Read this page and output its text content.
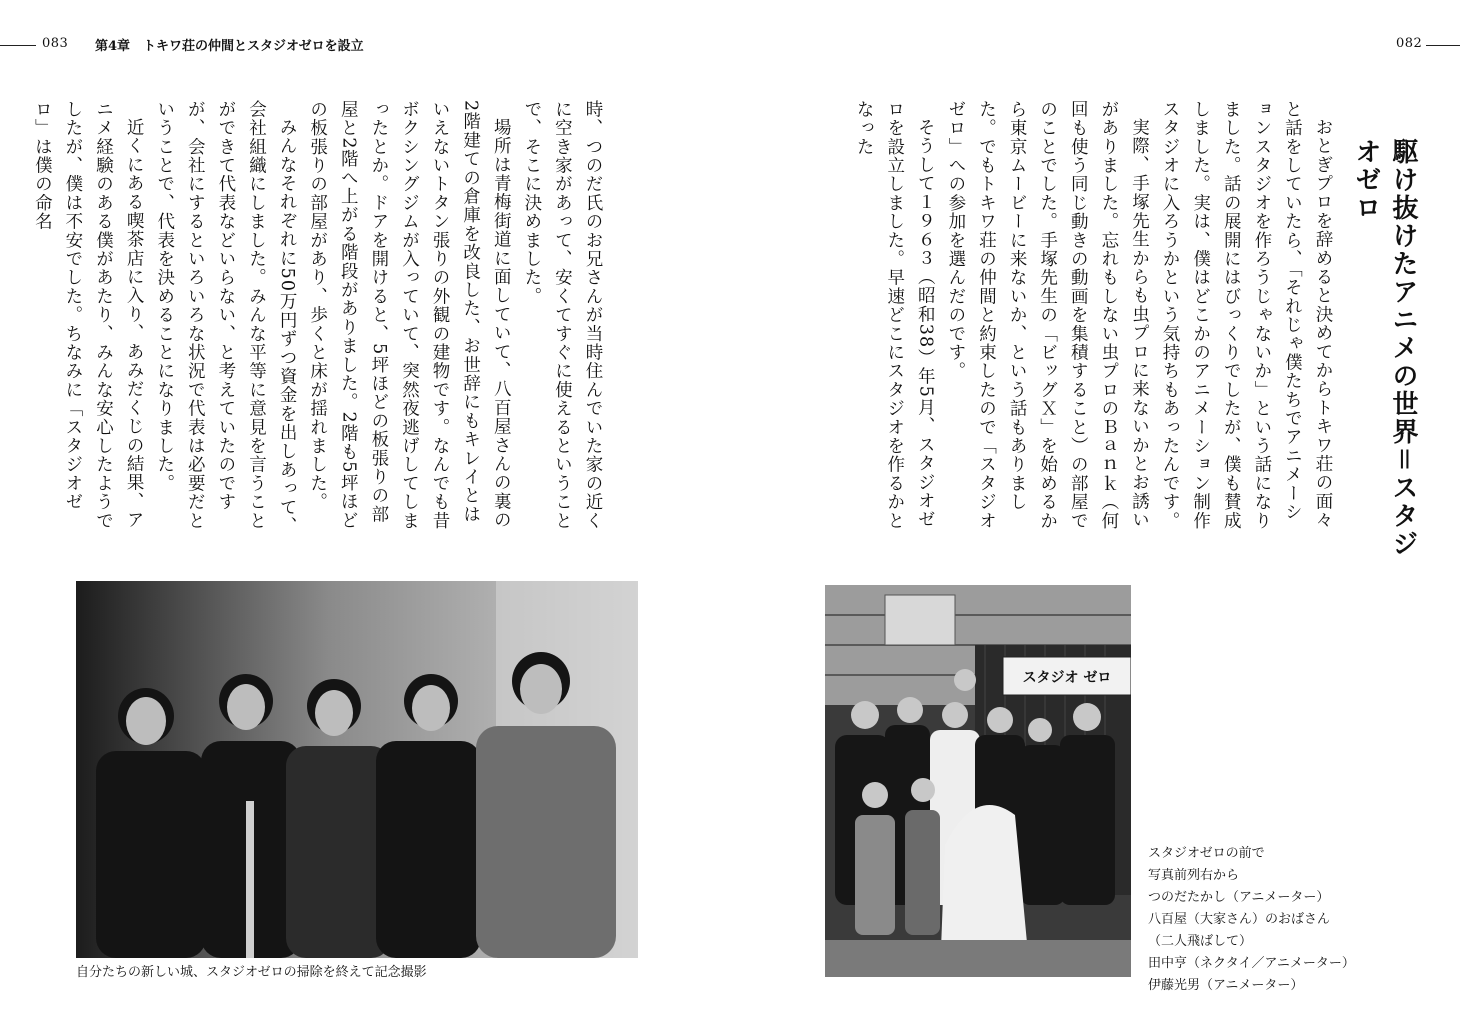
083 第4章　トキワ荘の仲間とスタジオゼロを設立

時、つのだ氏のお兄さんが当時住んでいた家の近くに空き家があって、安くてすぐに使えるということで、そこに決めました。

場所は青梅街道に面していて、八百屋さんの裏の2階建ての倉庫を改良した、お世辞にもキレイとはいえないトタン張りの外観の建物です。なんでも昔ボクシングジムが入っていて、突然夜逃げしてしまったとか。ドアを開けると、5坪ほどの板張りの部屋と2階へ上がる階段がありました。2階も5坪ほどの板張りの部屋があり、歩くと床が揺れました。

みんなそれぞれに50万円ずつ資金を出しあって、会社組織にしました。みんな平等に意見を言うことができて代表などいらない、と考えていたのですが、会社にするといろいろな状況で代表は必要だということで、代表を決めることになりました。

近くにある喫茶店に入り、あみだくじの結果、アニメ経験のある僕があたり、みんな安心したようでしたが、僕は不安でした。ちなみに「スタジオゼロ」は僕の命名

自分たちの新しい城、スタジオゼロの掃除を終えて記念撮影
082
駆け抜けたアニメの世界＝スタジオゼロ

おとぎプロを辞めると決めてからトキワ荘の面々と話をしていたら、「それじゃ僕たちでアニメーションスタジオを作ろうじゃないか」という話になりました。話の展開にはびっくりでしたが、僕も賛成しました。実は、僕はどこかのアニメーション制作スタジオに入ろうかという気持ちもあったんです。

実際、手塚先生からも虫プロに来ないかとお誘いがありました。忘れもしない虫プロのＢａｎｋ（何回も使う同じ動きの動画を集積すること）の部屋でのことでした。手塚先生の「ビッグＸ」を始めるから東京ムービーに来ないか、という話もありました。でもトキワ荘の仲間と約束したので「スタジオゼロ」への参加を選んだのです。

そうして１９６３（昭和38）年5月、スタジオゼロを設立しました。早速どこにスタジオを作るかとなった

スタジオ ゼロ
スタジオゼロの前で
写真前列右から
つのだたかし（アニメーター）
八百屋（大家さん）のおばさん
（二人飛ばして）
田中亨（ネクタイ／アニメーター）
伊藤光男（アニメーター）
